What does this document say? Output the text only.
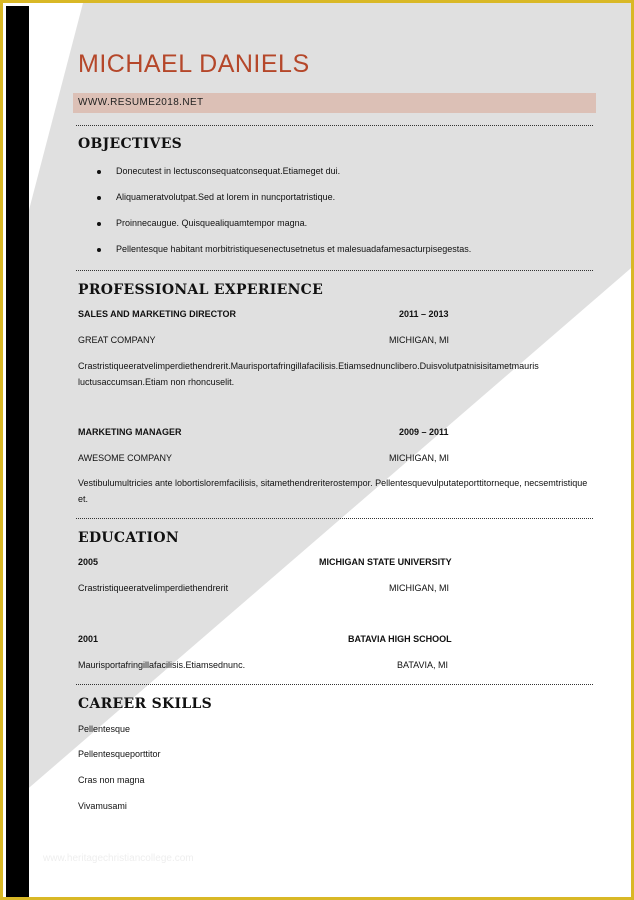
MICHAEL DANIELS
WWW.RESUME2018.NET
OBJECTIVES
Donecutest in lectusconsequatconsequat.Etiameget dui.
Aliquameratvolutpat.Sed at lorem in nuncportatristique.
Proinnecaugue. Quisquealiquamtempor magna.
Pellentesque habitant morbitristiquesenectusetnetus et malesuadafamesacturpisegestas.
PROFESSIONAL EXPERIENCE
SALES AND MARKETING DIRECTOR	2011 – 2013
GREAT COMPANY	MICHIGAN, MI
Crastristiqueeratvelimperdiethendrerit.Maurisportafringillafacilisis.Etiamsednunclibero.Duisvolutpatnisisitametmauris luctusaccumsan.Etiam non rhoncuselit.
MARKETING MANAGER	2009 – 2011
AWESOME COMPANY	MICHIGAN, MI
Vestibulumultricies ante lobortisloremfacilisis, sitamethendreriterostempor. Pellentesquevulputateporttitorneque, necsemtristique et.
EDUCATION
2005	MICHIGAN STATE UNIVERSITY
Crastristiqueeratvelimperdiethendrerit	MICHIGAN, MI
2001	BATAVIA HIGH SCHOOL
Maurisportafringillafacilisis.Etiamsednunc.	BATAVIA, MI
CAREER SKILLS
Pellentesque
Pellentesqueporttitor
Cras non magna
Vivamusami
www.heritagechristiancollege.com
